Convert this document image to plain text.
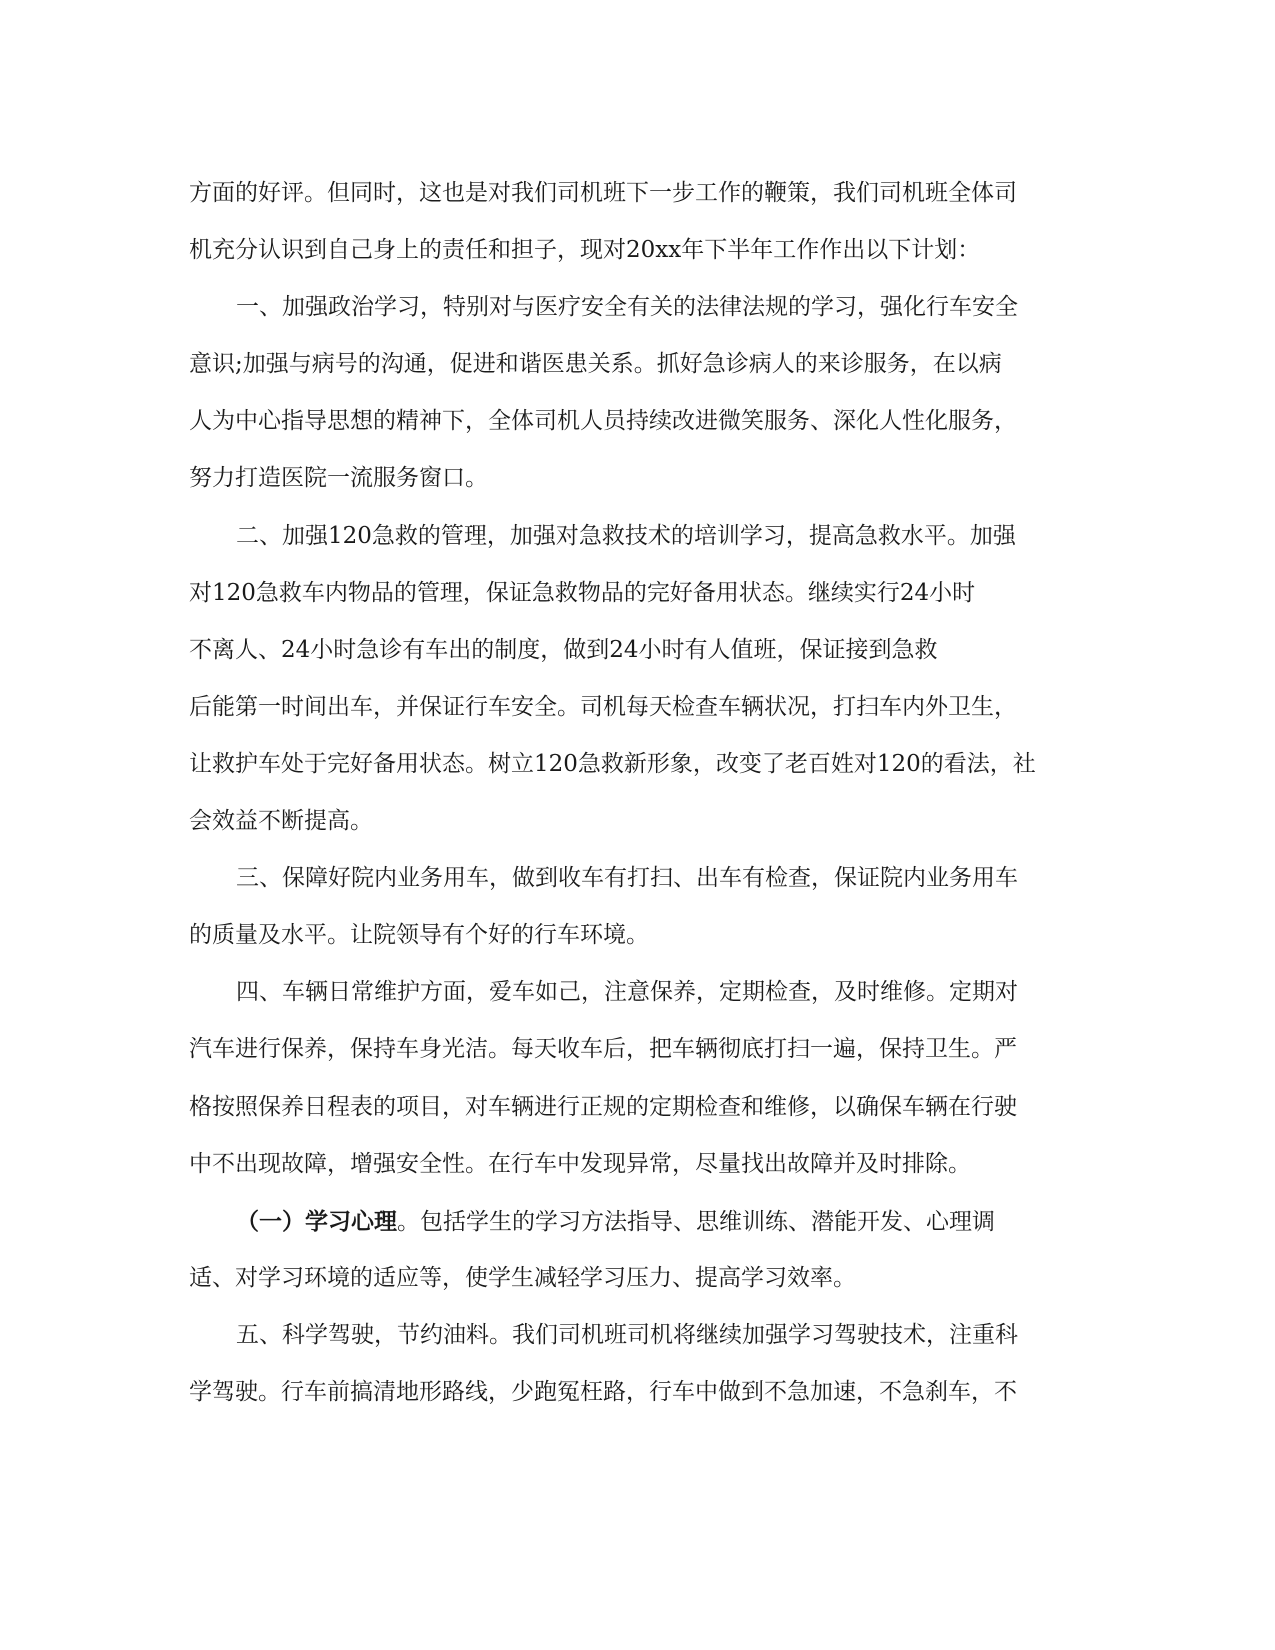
方面的好评。但同时，这也是对我们司机班下一步工作的鞭策，我们司机班全体司
机充分认识到自己身上的责任和担子，现对20xx年下半年工作作出以下计划：
一、加强政治学习，特别对与医疗安全有关的法律法规的学习，强化行车安全
意识;加强与病号的沟通，促进和谐医患关系。抓好急诊病人的来诊服务，在以病
人为中心指导思想的精神下，全体司机人员持续改进微笑服务、深化人性化服务，
努力打造医院一流服务窗口。
二、加强120急救的管理，加强对急救技术的培训学习，提高急救水平。加强
对120急救车内物品的管理，保证急救物品的完好备用状态。继续实行24小时
不离人、24小时急诊有车出的制度，做到24小时有人值班，保证接到急救
后能第一时间出车，并保证行车安全。司机每天检查车辆状况，打扫车内外卫生，
让救护车处于完好备用状态。树立120急救新形象，改变了老百姓对120的看法，社
会效益不断提高。
三、保障好院内业务用车，做到收车有打扫、出车有检查，保证院内业务用车
的质量及水平。让院领导有个好的行车环境。
四、车辆日常维护方面，爱车如己，注意保养，定期检查，及时维修。定期对
汽车进行保养，保持车身光洁。每天收车后，把车辆彻底打扫一遍，保持卫生。严
格按照保养日程表的项目，对车辆进行正规的定期检查和维修，以确保车辆在行驶
中不出现故障，增强安全性。在行车中发现异常，尽量找出故障并及时排除。
（一）学习心理。包括学生的学习方法指导、思维训练、潜能开发、心理调
适、对学习环境的适应等，使学生减轻学习压力、提高学习效率。
五、科学驾驶，节约油料。我们司机班司机将继续加强学习驾驶技术，注重科
学驾驶。行车前搞清地形路线，少跑冤枉路，行车中做到不急加速，不急刹车，不
